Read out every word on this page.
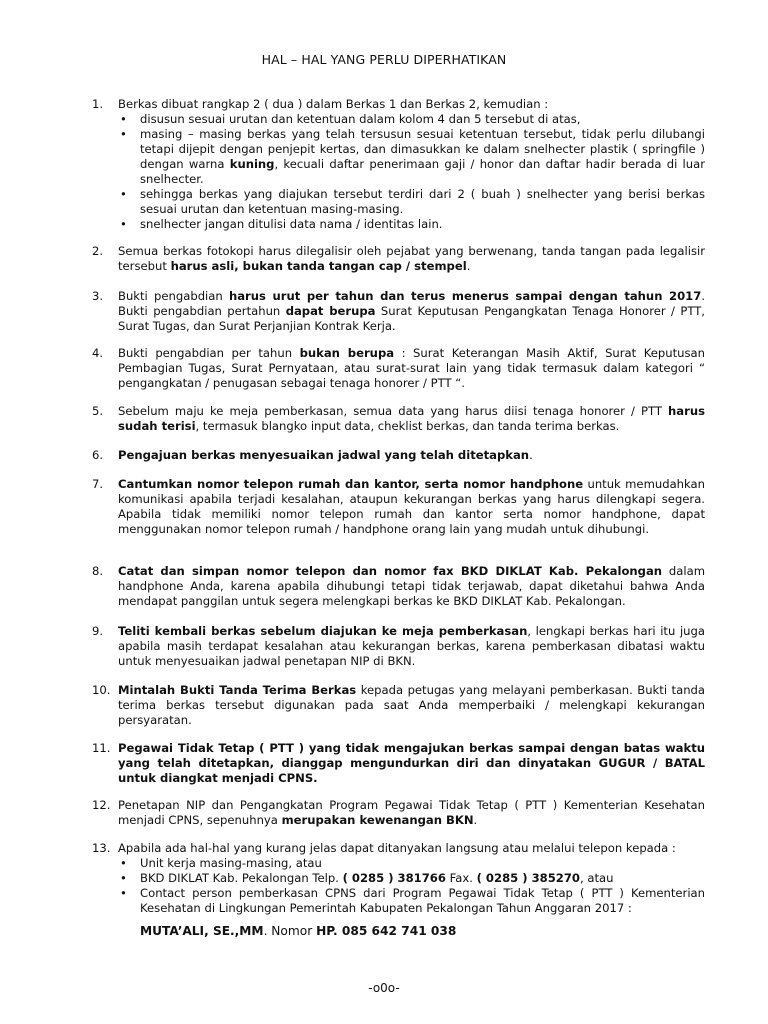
HAL – HAL YANG PERLU DIPERHATIKAN
1.	Berkas dibuat rangkap 2 ( dua ) dalam Berkas 1 dan Berkas 2, kemudian :
• disusun sesuai urutan dan ketentuan dalam kolom 4 dan 5 tersebut di atas,
• masing – masing berkas yang telah tersusun sesuai ketentuan tersebut, tidak perlu dilubangi tetapi dijepit dengan penjepit kertas, dan dimasukkan ke dalam snelhecter plastik ( springfile ) dengan warna kuning, kecuali daftar penerimaan gaji / honor dan daftar hadir berada di luar snelhecter.
• sehingga berkas yang diajukan tersebut terdiri dari 2 ( buah ) snelhecter yang berisi berkas sesuai urutan dan ketentuan masing-masing.
• snelhecter jangan ditulisi data nama / identitas lain.
2.	Semua berkas fotokopi harus dilegalisir oleh pejabat yang berwenang, tanda tangan pada legalisir tersebut harus asli, bukan tanda tangan cap / stempel.
3.	Bukti pengabdian harus urut per tahun dan terus menerus sampai dengan tahun 2017. Bukti pengabdian pertahun dapat berupa Surat Keputusan Pengangkatan Tenaga Honorer / PTT, Surat Tugas, dan Surat Perjanjian Kontrak Kerja.
4.	Bukti pengabdian per tahun bukan berupa : Surat Keterangan Masih Aktif, Surat Keputusan Pembagian Tugas, Surat Pernyataan, atau surat-surat lain yang tidak termasuk dalam kategori “ pengangkatan / penugasan sebagai tenaga honorer / PTT “.
5.	Sebelum maju ke meja pemberkasan, semua data yang harus diisi tenaga honorer / PTT harus sudah terisi, termasuk blangko input data, cheklist berkas, dan tanda terima berkas.
6.	Pengajuan berkas menyesuaikan jadwal yang telah ditetapkan.
7.	Cantumkan nomor telepon rumah dan kantor, serta nomor handphone untuk memudahkan komunikasi apabila terjadi kesalahan, ataupun kekurangan berkas yang harus dilengkapi segera. Apabila tidak memiliki nomor telepon rumah dan kantor serta nomor handphone, dapat menggunakan nomor telepon rumah / handphone orang lain yang mudah untuk dihubungi.
8.	Catat dan simpan nomor telepon dan nomor fax BKD DIKLAT Kab. Pekalongan dalam handphone Anda, karena apabila dihubungi tetapi tidak terjawab, dapat diketahui bahwa Anda mendapat panggilan untuk segera melengkapi berkas ke BKD DIKLAT Kab. Pekalongan.
9.	Teliti kembali berkas sebelum diajukan ke meja pemberkasan, lengkapi berkas hari itu juga apabila masih terdapat kesalahan atau kekurangan berkas, karena pemberkasan dibatasi waktu untuk menyesuaikan jadwal penetapan NIP di BKN.
10. Mintalah Bukti Tanda Terima Berkas kepada petugas yang melayani pemberkasan. Bukti tanda terima berkas tersebut digunakan pada saat Anda memperbaiki / melengkapi kekurangan persyaratan.
11. Pegawai Tidak Tetap ( PTT ) yang tidak mengajukan berkas sampai dengan batas waktu yang telah ditetapkan, dianggap mengundurkan diri dan dinyatakan GUGUR / BATAL untuk diangkat menjadi CPNS.
12. Penetapan NIP dan Pengangkatan Program Pegawai Tidak Tetap ( PTT ) Kementerian Kesehatan menjadi CPNS, sepenuhnya merupakan kewenangan BKN.
13. Apabila ada hal-hal yang kurang jelas dapat ditanyakan langsung atau melalui telepon kepada :
• Unit kerja masing-masing, atau
• BKD DIKLAT Kab. Pekalongan Telp. ( 0285 ) 381766 Fax. ( 0285 ) 385270, atau
• Contact person pemberkasan CPNS dari Program Pegawai Tidak Tetap ( PTT ) Kementerian Kesehatan di Lingkungan Pemerintah Kabupaten Pekalongan Tahun Anggaran 2017 :
MUTA’ALI, SE.,MM. Nomor HP. 085 642 741 038
-o0o-
